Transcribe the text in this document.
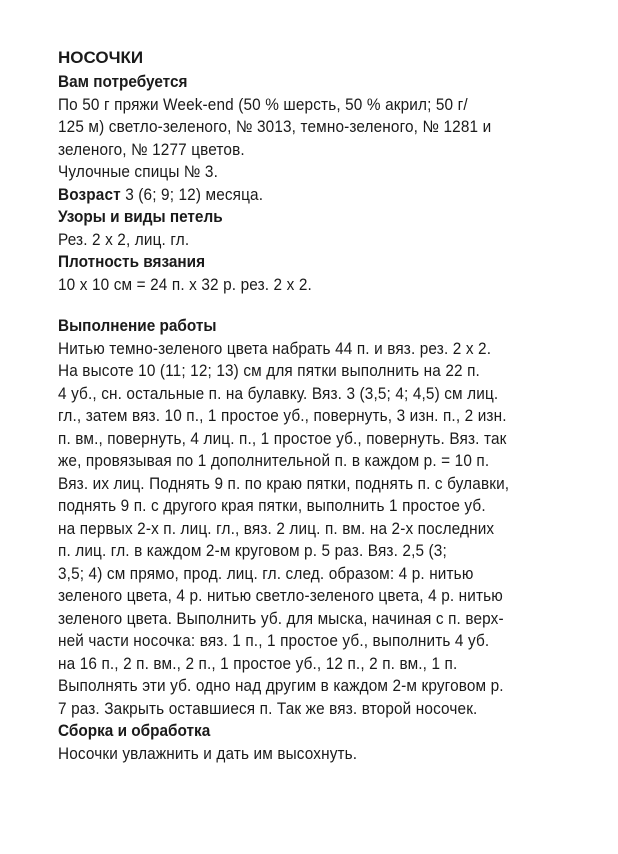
НОСОЧКИ
Вам потребуется
По 50 г пряжи Week-end (50 % шерсть, 50 % акрил; 50 г/
125 м) светло-зеленого, № 3013, темно-зеленого, № 1281 и
зеленого, № 1277 цветов.
Чулочные спицы № 3.
Возраст 3 (6; 9; 12) месяца.
Узоры и виды петель
Рез. 2 х 2, лиц. гл.
Плотность вязания
10 х 10 см = 24 п. х 32 р. рез. 2 х 2.
Выполнение работы
Нитью темно-зеленого цвета набрать 44 п. и вяз. рез. 2 х 2.
На высоте 10 (11; 12; 13) см для пятки выполнить на 22 п.
4 уб., сн. остальные п. на булавку. Вяз. 3 (3,5; 4; 4,5) см лиц.
гл., затем вяз. 10 п., 1 простое уб., повернуть, 3 изн. п., 2 изн.
п. вм., повернуть, 4 лиц. п., 1 простое уб., повернуть. Вяз. так
же, провязывая по 1 дополнительной п. в каждом р. = 10 п.
Вяз. их лиц. Поднять 9 п. по краю пятки, поднять п. с булавки,
поднять 9 п. с другого края пятки, выполнить 1 простое уб.
на первых 2-х п. лиц. гл., вяз. 2 лиц. п. вм. на 2-х последних
п. лиц. гл. в каждом 2-м круговом р. 5 раз. Вяз. 2,5 (3;
3,5; 4) см прямо, прод. лиц. гл. след. образом: 4 р. нитью
зеленого цвета, 4 р. нитью светло-зеленого цвета, 4 р. нитью
зеленого цвета. Выполнить уб. для мыска, начиная с п. верх-
ней части носочка: вяз. 1 п., 1 простое уб., выполнить 4 уб.
на 16 п., 2 п. вм., 2 п., 1 простое уб., 12 п., 2 п. вм., 1 п.
Выполнять эти уб. одно над другим в каждом 2-м круговом р.
7 раз. Закрыть оставшиеся п. Так же вяз. второй носочек.
Сборка и обработка
Носочки увлажнить и дать им высохнуть.
